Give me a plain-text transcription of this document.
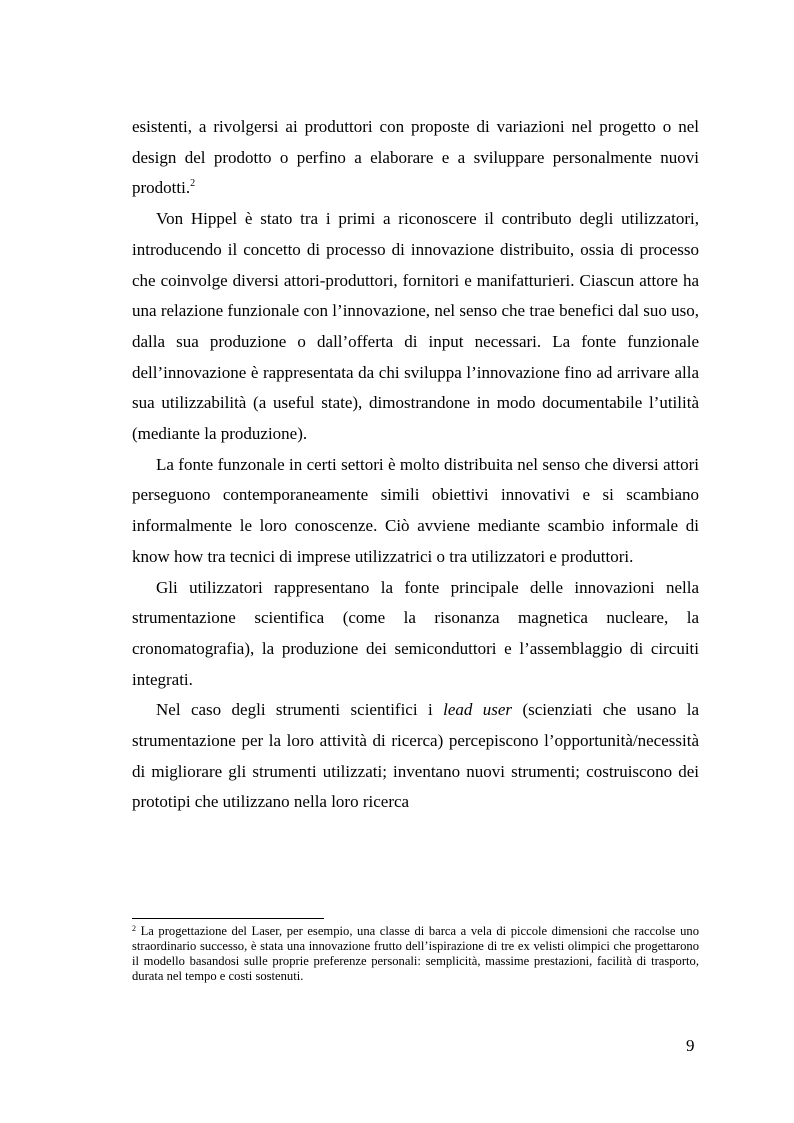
esistenti, a rivolgersi ai produttori con proposte di variazioni nel progetto o nel design del prodotto o perfino a elaborare e a sviluppare personalmente nuovi prodotti.$^2$

Von Hippel è stato tra i primi a riconoscere il contributo degli utilizzatori, introducendo il concetto di processo di innovazione distribuito, ossia di processo che coinvolge diversi attori-produttori, fornitori e manifatturieri. Ciascun attore ha una relazione funzionale con l’innovazione, nel senso che trae benefici dal suo uso, dalla sua produzione o dall’offerta di input necessari. La fonte funzionale dell’innovazione è rappresentata da chi sviluppa l’innovazione fino ad arrivare alla sua utilizzabilità (a useful state), dimostrandone in modo documentabile l’utilità (mediante la produzione).

La fonte funzonale in certi settori è molto distribuita nel senso che diversi attori perseguono contemporaneamente simili obiettivi innovativi e si scambiano informalmente le loro conoscenze. Ciò avviene mediante scambio informale di know how tra tecnici di imprese utilizzatrici o tra utilizzatori e produttori.

Gli utilizzatori rappresentano la fonte principale delle innovazioni nella strumentazione scientifica (come la risonanza magnetica nucleare, la cronomatografia), la produzione dei semiconduttori e l’assemblaggio di circuiti integrati.

Nel caso degli strumenti scientifici i lead user (scienziati che usano la strumentazione per la loro attività di ricerca) percepiscono l’opportunità/necessità di migliorare gli strumenti utilizzati; inventano nuovi strumenti; costruiscono dei prototipi che utilizzano nella loro ricerca

$^2$ La progettazione del Laser, per esempio, una classe di barca a vela di piccole dimensioni che raccolse uno straordinario successo, è stata una innovazione frutto dell’ispirazione di tre ex velisti olimpici che progettarono il modello basandosi sulle proprie preferenze personali: semplicità, massime prestazioni, facilità di trasporto, durata nel tempo e costi sostenuti.

9
